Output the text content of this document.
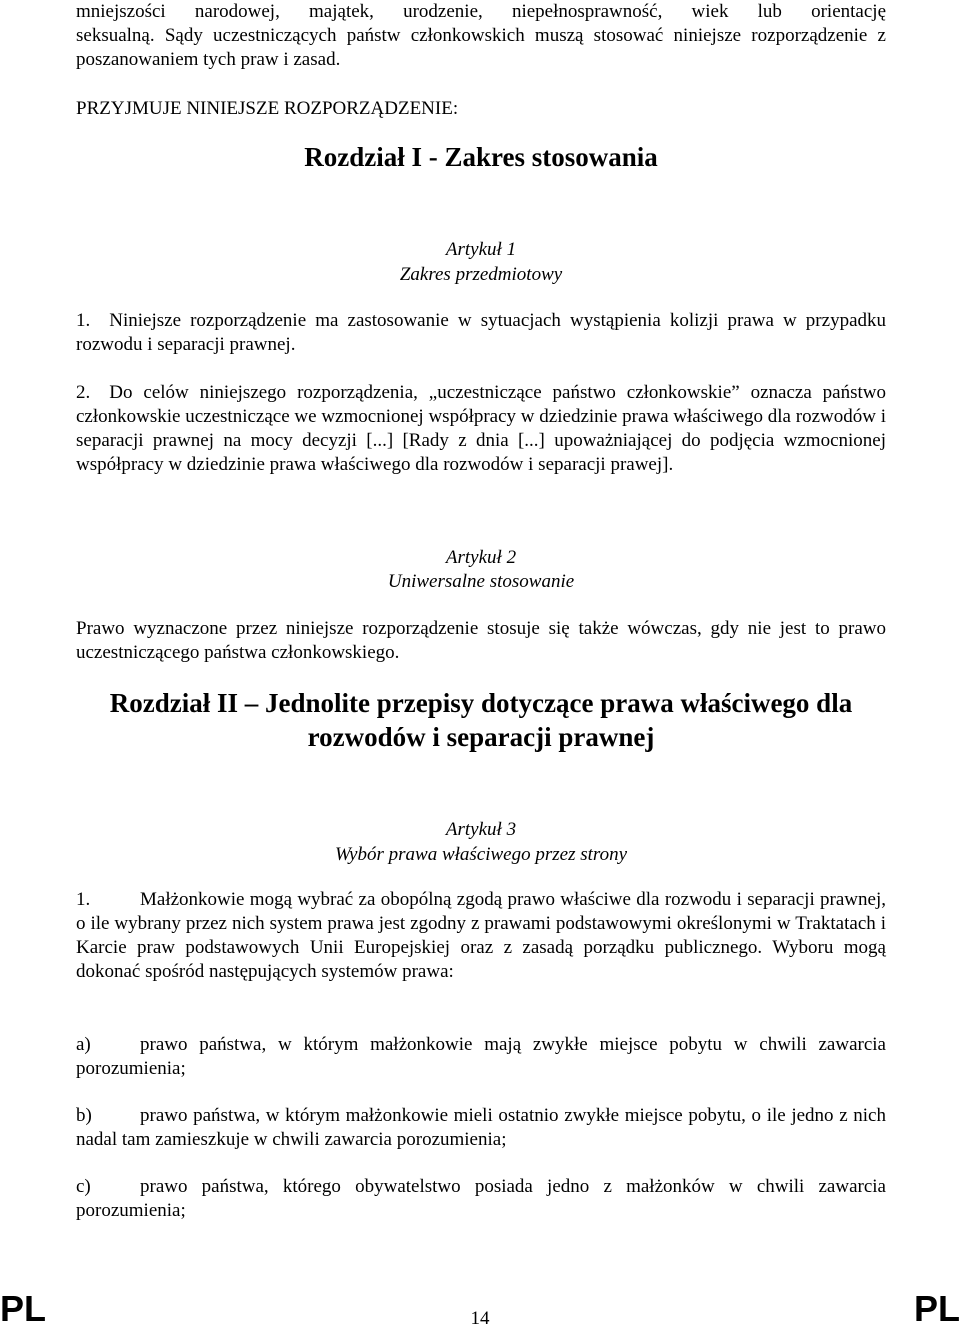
mniejszości narodowej, majątek, urodzenie, niepełnosprawność, wiek lub orientację
seksualną. Sądy uczestniczących państw członkowskich muszą stosować niniejsze rozporządzenie z poszanowaniem tych praw i zasad.
PRZYJMUJE NINIEJSZE ROZPORZĄDZENIE:
Rozdział I - Zakres stosowania
Artykuł 1
Zakres przedmiotowy
1. Niniejsze rozporządzenie ma zastosowanie w sytuacjach wystąpienia kolizji prawa w przypadku rozwodu i separacji prawnej.
2. Do celów niniejszego rozporządzenia, „uczestniczące państwo członkowskie” oznacza państwo członkowskie uczestniczące we wzmocnionej współpracy w dziedzinie prawa właściwego dla rozwodów i separacji prawnej na mocy decyzji [...] [Rady z dnia [...] upoważniającej do podjęcia wzmocnionej współpracy w dziedzinie prawa właściwego dla rozwodów i separacji prawej].
Artykuł 2
Uniwersalne stosowanie
Prawo wyznaczone przez niniejsze rozporządzenie stosuje się także wówczas, gdy nie jest to prawo uczestniczącego państwa członkowskiego.
Rozdział II – Jednolite przepisy dotyczące prawa właściwego dla
rozwodów i separacji prawnej
Artykuł 3
Wybór prawa właściwego przez strony
1.	Małżonkowie mogą wybrać za obopólną zgodą prawo właściwe dla rozwodu i separacji prawnej, o ile wybrany przez nich system prawa jest zgodny z prawami podstawowymi określonymi w Traktatach i Karcie praw podstawowych Unii Europejskiej oraz z zasadą porządku publicznego. Wyboru mogą dokonać spośród następujących systemów prawa:
a)	prawo państwa, w którym małżonkowie mają zwykłe miejsce pobytu w chwili zawarcia porozumienia;
b)	prawo państwa, w którym małżonkowie mieli ostatnio zwykłe miejsce pobytu, o ile jedno z nich nadal tam zamieszkuje w chwili zawarcia porozumienia;
c)	prawo państwa, którego obywatelstwo posiada jedno z małżonków w chwili zawarcia porozumienia;
PL	14	PL
